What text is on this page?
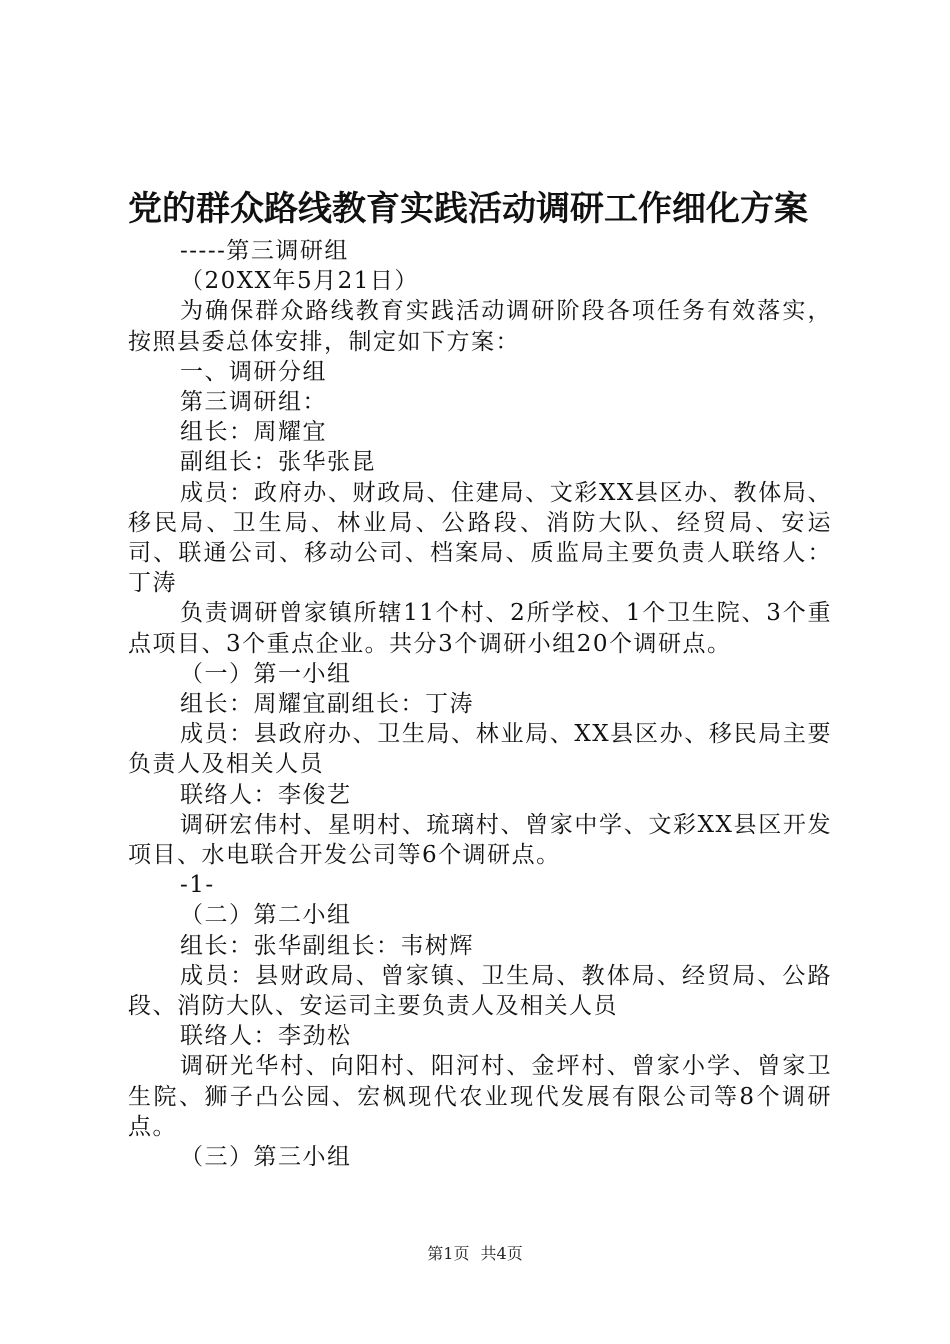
党的群众路线教育实践活动调研工作细化方案

-----第三调研组

（20XX年5月21日）

为确保群众路线教育实践活动调研阶段各项任务有效落实，按照县委总体安排，制定如下方案：

一、调研分组

第三调研组：

组长：周耀宜

副组长：张华张昆

成员：政府办、财政局、住建局、文彩XX县区办、教体局、移民局、卫生局、林业局、公路段、消防大队、经贸局、安运司、联通公司、移动公司、档案局、质监局主要负责人联络人：丁涛

负责调研曾家镇所辖11个村、2所学校、1个卫生院、3个重点项目、3个重点企业。共分3个调研小组20个调研点。

（一）第一小组

组长：周耀宜副组长：丁涛

成员：县政府办、卫生局、林业局、XX县区办、移民局主要负责人及相关人员

联络人：李俊艺

调研宏伟村、星明村、琉璃村、曾家中学、文彩XX县区开发项目、水电联合开发公司等6个调研点。

-1-

（二）第二小组

组长：张华副组长：韦树辉

成员：县财政局、曾家镇、卫生局、教体局、经贸局、公路段、消防大队、安运司主要负责人及相关人员

联络人：李劲松

调研光华村、向阳村、阳河村、金坪村、曾家小学、曾家卫生院、狮子凸公园、宏枫现代农业现代发展有限公司等8个调研点。

（三）第三小组

第1页 共4页
